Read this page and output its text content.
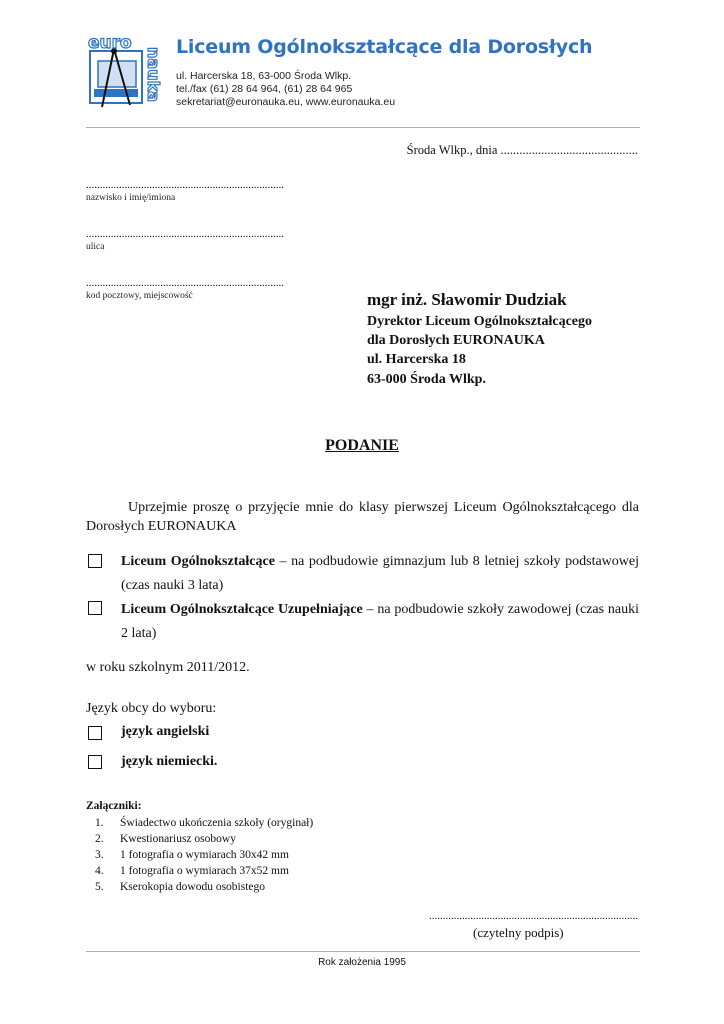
euro
nauka Liceum Ogólnokształcące dla Dorosłych
ul. Harcerska 18, 63-000 Środa Wlkp.
tel./fax (61) 28 64 964, (61) 28 64 965
sekretariat@euronauka.eu, www.euronauka.eu
Środa Wlkp., dnia ............................................
........................................................................
nazwisko i imię/imiona
........................................................................
ulica
........................................................................
kod pocztowy, miejscowość	mgr inż. Sławomir Dudziak
Dyrektor Liceum Ogólnokształcącego
dla Dorosłych EURONAUKA
ul. Harcerska 18
63-000 Środa Wlkp.
PODANIE
Uprzejmie proszę o przyjęcie mnie do klasy pierwszej Liceum Ogólnokształcącego dla Dorosłych EURONAUKA
Liceum Ogólnokształcące – na podbudowie gimnazjum lub 8 letniej szkoły podstawowej (czas nauki 3 lata)
Liceum Ogólnokształcące Uzupełniające – na podbudowie szkoły zawodowej (czas nauki 2 lata)
w roku szkolnym 2011/2012.
Język obcy do wyboru:
język angielski
język niemiecki.
Załączniki:
1. Świadectwo ukończenia szkoły (oryginał)
2. Kwestionariusz osobowy
3. 1 fotografia o wymiarach 30x42 mm
4. 1 fotografia o wymiarach 37x52 mm
5. Kserokopia dowodu osobistego
............................................................................
(czytelny podpis)
Rok założenia 1995
